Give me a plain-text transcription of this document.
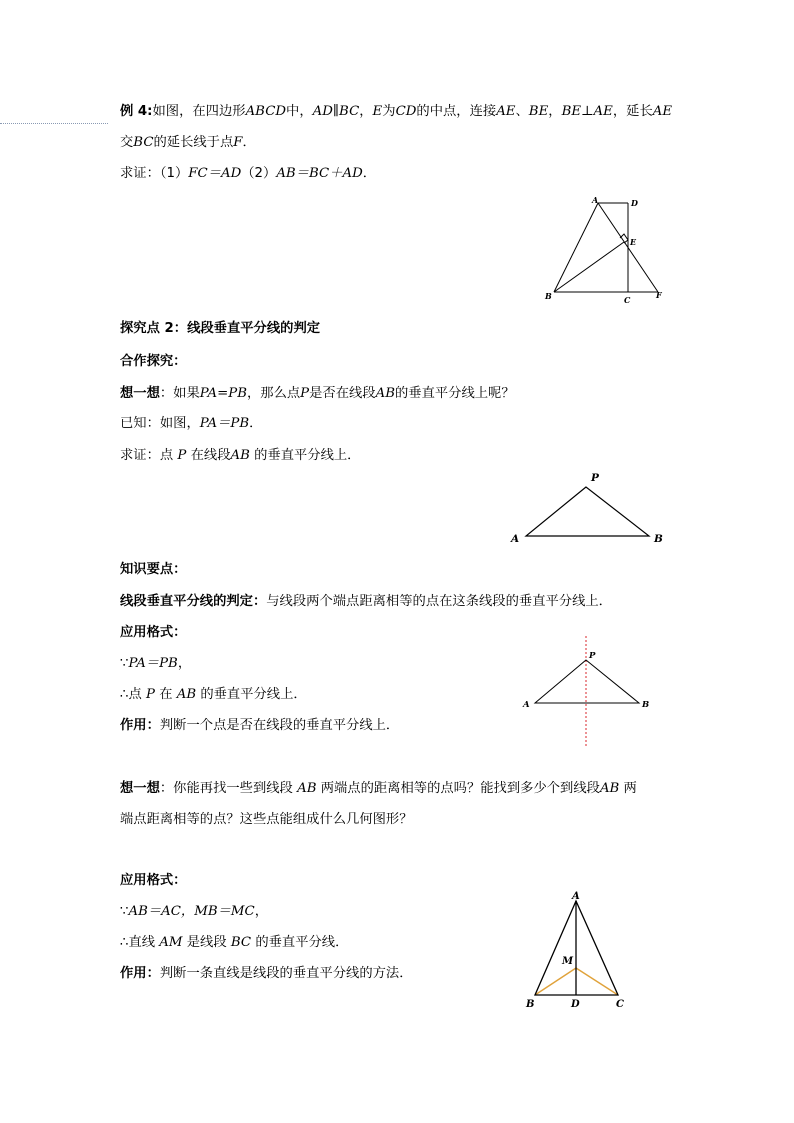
例 4:如图，在四边形ABCD中，AD∥BC，E为CD的中点，连接AE、BE，BE⊥AE，延长AE
交BC的延长线于点F．
求证：（1）FC＝AD（2）AB＝BC＋AD．
A	D
E
B	C	F
探究点 2：线段垂直平分线的判定
合作探究：
想一想：如果PA=PB，那么点P是否在线段AB的垂直平分线上呢？
已知：如图，PA＝PB．
求证：点 P 在线段AB 的垂直平分线上．
P
A	B
知识要点：
线段垂直平分线的判定：与线段两个端点距离相等的点在这条线段的垂直平分线上．
应用格式：
∵PA＝PB，
∴点 P 在 AB 的垂直平分线上．
作用：判断一个点是否在线段的垂直平分线上．
P
A	B
想一想：你能再找一些到线段 AB 两端点的距离相等的点吗？能找到多少个到线段AB 两
端点距离相等的点？这些点能组成什么几何图形？
应用格式：
∵AB＝AC，MB＝MC，
∴直线 AM 是线段 BC 的垂直平分线．
作用：判断一条直线是线段的垂直平分线的方法．
A
M
B	D	C
